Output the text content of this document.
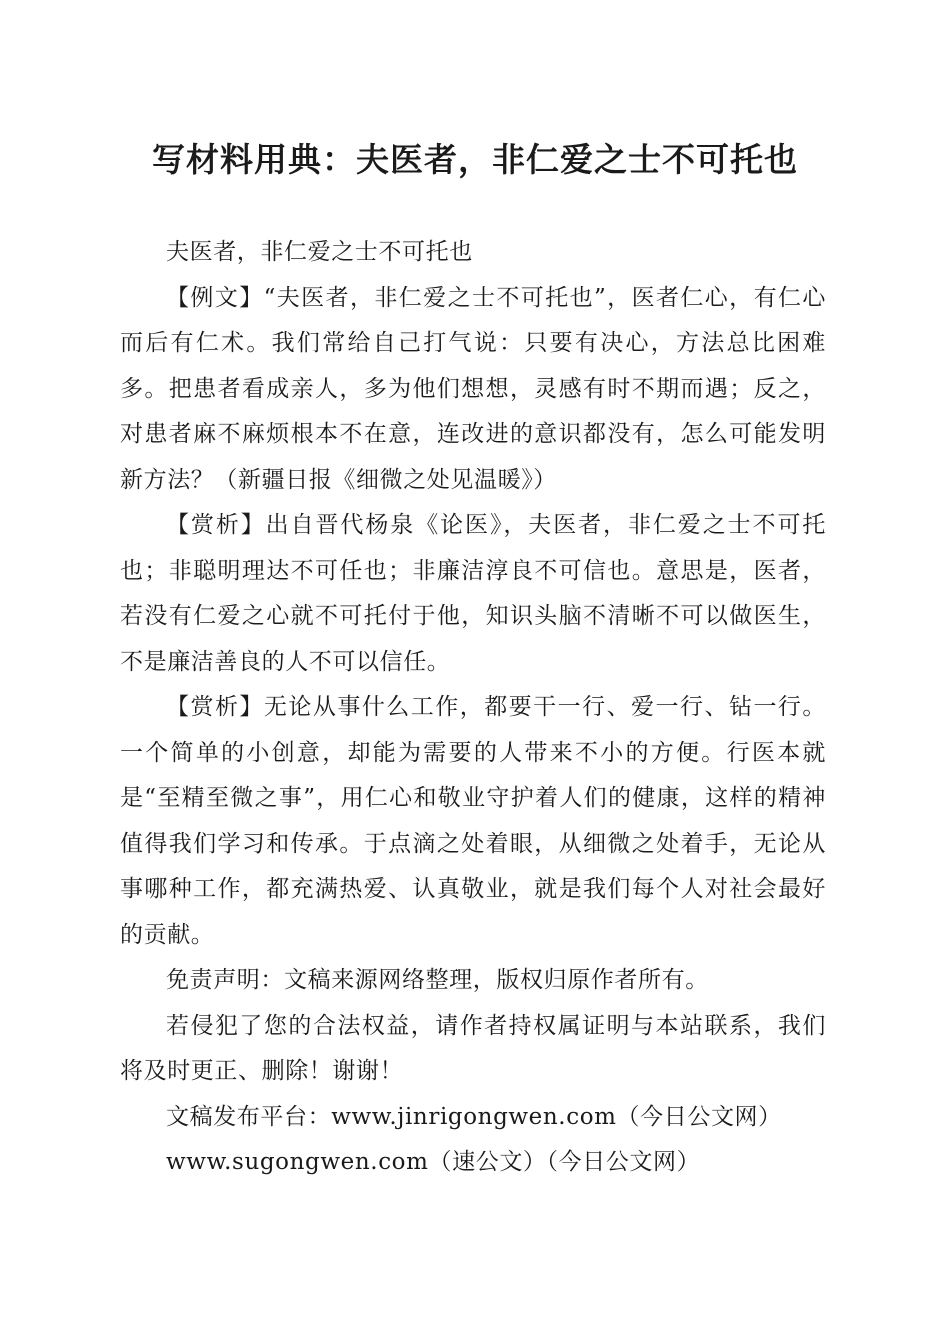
写材料用典：夫医者，非仁爱之士不可托也

夫医者，非仁爱之士不可托也

【例文】“夫医者，非仁爱之士不可托也”，医者仁心，有仁心而后有仁术。我们常给自己打气说：只要有决心，方法总比困难多。把患者看成亲人，多为他们想想，灵感有时不期而遇；反之，对患者麻不麻烦根本不在意，连改进的意识都没有，怎么可能发明新方法？（新疆日报《细微之处见温暖》）

【赏析】出自晋代杨泉《论医》，夫医者，非仁爱之士不可托也；非聪明理达不可任也；非廉洁淳良不可信也。意思是，医者，若没有仁爱之心就不可托付于他，知识头脑不清晰不可以做医生，不是廉洁善良的人不可以信任。

【赏析】无论从事什么工作，都要干一行、爱一行、钻一行。一个简单的小创意，却能为需要的人带来不小的方便。行医本就是“至精至微之事”，用仁心和敬业守护着人们的健康，这样的精神值得我们学习和传承。于点滴之处着眼，从细微之处着手，无论从事哪种工作，都充满热爱、认真敬业，就是我们每个人对社会最好的贡献。

免责声明：文稿来源网络整理，版权归原作者所有。

若侵犯了您的合法权益，请作者持权属证明与本站联系，我们将及时更正、删除！谢谢！

文稿发布平台：www.jinrigongwen.com（今日公文网）

www.sugongwen.com（速公文）（今日公文网）
